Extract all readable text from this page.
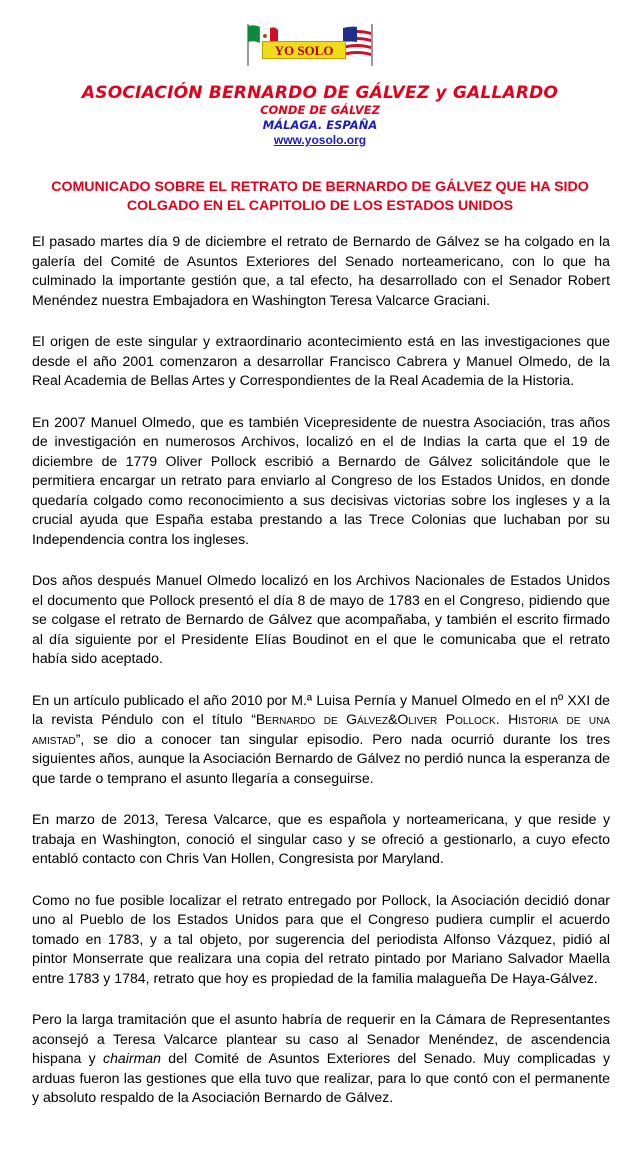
YO SOLO
ASOCIACIÓN BERNARDO DE GÁLVEZ y GALLARDO
CONDE DE GÁLVEZ
MÁLAGA. ESPAÑA
www.yosolo.org
COMUNICADO SOBRE EL RETRATO DE BERNARDO DE GÁLVEZ QUE HA SIDO COLGADO EN EL CAPITOLIO DE LOS ESTADOS UNIDOS

El pasado martes día 9 de diciembre el retrato de Bernardo de Gálvez se ha colgado en la galería del Comité de Asuntos Exteriores del Senado norteamericano, con lo que ha culminado la importante gestión que, a tal efecto, ha desarrollado con el Senador Robert Menéndez nuestra Embajadora en Washington Teresa Valcarce Graciani.

El origen de este singular y extraordinario acontecimiento está en las investigaciones que desde el año 2001 comenzaron a desarrollar Francisco Cabrera y Manuel Olmedo, de la Real Academia de Bellas Artes y Correspondientes de la Real Academia de la Historia.

En 2007 Manuel Olmedo, que es también Vicepresidente de nuestra Asociación, tras años de investigación en numerosos Archivos, localizó en el de Indias la carta que el 19 de diciembre de 1779 Oliver Pollock escribió a Bernardo de Gálvez solicitándole que le permitiera encargar un retrato para enviarlo al Congreso de los Estados Unidos, en donde quedaría colgado como reconocimiento a sus decisivas victorias sobre los ingleses y a la crucial ayuda que España estaba prestando a las Trece Colonias que luchaban por su Independencia contra los ingleses.

Dos años después Manuel Olmedo localizó en los Archivos Nacionales de Estados Unidos el documento que Pollock presentó el día 8 de mayo de 1783 en el Congreso, pidiendo que se colgase el retrato de Bernardo de Gálvez que acompañaba, y también el escrito firmado al día siguiente por el Presidente Elías Boudinot en el que le comunicaba que el retrato había sido aceptado.

En un artículo publicado el año 2010 por M.ª Luisa Pernía y Manuel Olmedo en el nº XXI de la revista Péndulo con el título “Bernardo de Gálvez&Oliver Pollock. Historia de una amistad”, se dio a conocer tan singular episodio. Pero nada ocurrió durante los tres siguientes años, aunque la Asociación Bernardo de Gálvez no perdió nunca la esperanza de que tarde o temprano el asunto llegaría a conseguirse.

En marzo de 2013, Teresa Valcarce, que es española y norteamericana, y que reside y trabaja en Washington, conoció el singular caso y se ofreció a gestionarlo, a cuyo efecto entabló contacto con Chris Van Hollen, Congresista por Maryland.

Como no fue posible localizar el retrato entregado por Pollock, la Asociación decidió donar uno al Pueblo de los Estados Unidos para que el Congreso pudiera cumplir el acuerdo tomado en 1783, y a tal objeto, por sugerencia del periodista Alfonso Vázquez, pidió al pintor Monserrate que realizara una copia del retrato pintado por Mariano Salvador Maella entre 1783 y 1784, retrato que hoy es propiedad de la familia malagueña De Haya-Gálvez.

Pero la larga tramitación que el asunto habría de requerir en la Cámara de Representantes aconsejó a Teresa Valcarce plantear su caso al Senador Menéndez, de ascendencia hispana y chairman del Comité de Asuntos Exteriores del Senado. Muy complicadas y arduas fueron las gestiones que ella tuvo que realizar, para lo que contó con el permanente y absoluto respaldo de la Asociación Bernardo de Gálvez.
